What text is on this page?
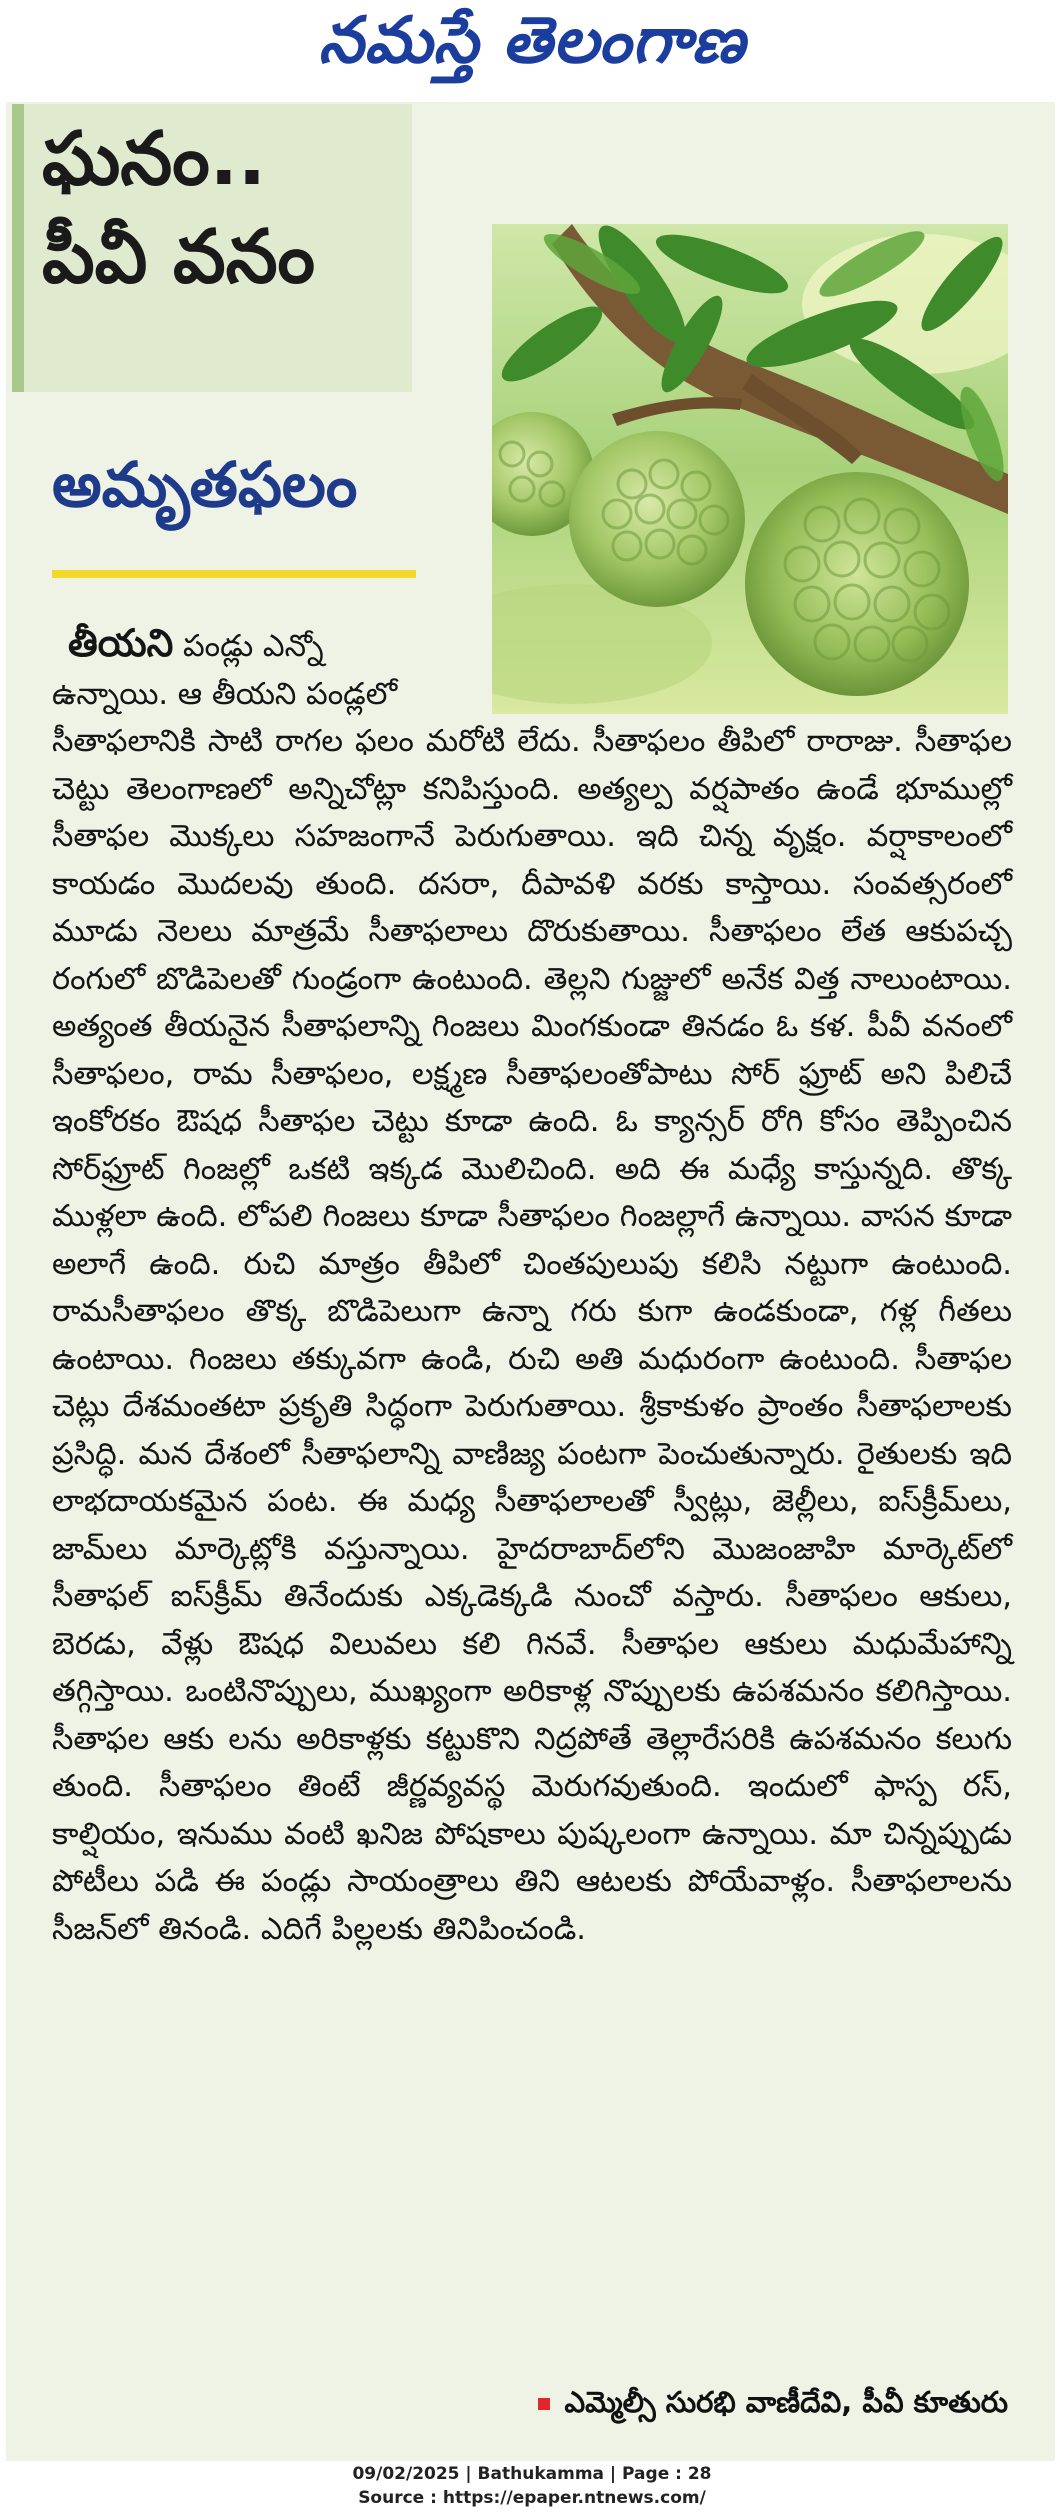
నమస్తే తెలంగాణ
ఘనం..
పీవీ వనం
అమృతఫలం
తీయని పండ్లు ఎన్నో
ఉన్నాయి. ఆ తీయని పండ్లలో
సీతాఫలానికి సాటి రాగల ఫలం మరోటి లేదు. సీతాఫలం తీపిలో రారాజు. సీతాఫల చెట్టు తెలంగాణలో అన్నిచోట్లా కనిపిస్తుంది. అత్యల్ప వర్షపాతం ఉండే భూముల్లో సీతాఫల మొక్కలు సహజంగానే పెరుగుతాయి. ఇది చిన్న వృక్షం. వర్షాకాలంలో కాయడం మొదలవు తుంది. దసరా, దీపావళి వరకు కాస్తాయి. సంవత్సరంలో మూడు నెలలు మాత్రమే సీతాఫలాలు దొరుకుతాయి. సీతాఫలం లేత ఆకుపచ్చ రంగులో బొడిపెలతో గుండ్రంగా ఉంటుంది. తెల్లని గుజ్జులో అనేక విత్త నాలుంటాయి. అత్యంత తీయనైన సీతాఫలాన్ని గింజలు మింగకుండా తినడం ఓ కళ. పీవీ వనంలో సీతాఫలం, రామ సీతాఫలం, లక్ష్మణ సీతాఫలంతోపాటు సోర్ ఫ్రూట్ అని పిలిచే ఇంకోరకం ఔషధ సీతాఫల చెట్టు కూడా ఉంది. ఓ క్యాన్సర్ రోగి కోసం తెప్పించిన సోర్‌ఫ్రూట్ గింజల్లో ఒకటి ఇక్కడ మొలిచింది. అది ఈ మధ్యే కాస్తున్నది. తొక్క ముళ్లలా ఉంది. లోపలి గింజలు కూడా సీతాఫలం గింజల్లాగే ఉన్నాయి. వాసన కూడా అలాగే ఉంది. రుచి మాత్రం తీపిలో చింతపులుపు కలిసి నట్టుగా ఉంటుంది. రామసీతాఫలం తొక్క బొడిపెలుగా ఉన్నా గరు కుగా ఉండకుండా, గళ్ల గీతలు ఉంటాయి. గింజలు తక్కువగా ఉండి, రుచి అతి మధురంగా ఉంటుంది. సీతాఫల చెట్లు దేశమంతటా ప్రకృతి సిద్ధంగా పెరుగుతాయి. శ్రీకాకుళం ప్రాంతం సీతాఫలాలకు ప్రసిద్ధి. మన దేశంలో సీతాఫలాన్ని వాణిజ్య పంటగా పెంచుతున్నారు. రైతులకు ఇది లాభదాయకమైన పంట. ఈ మధ్య సీతాఫలాలతో స్వీట్లు, జెల్లీలు, ఐస్‌క్రీమ్‌లు, జామ్‌లు మార్కెట్లోకి వస్తున్నాయి. హైదరాబాద్‌లోని మొజంజాహి మార్కెట్‌లో సీతాఫల్ ఐస్‌క్రీమ్ తినేందుకు ఎక్కడెక్కడి నుంచో వస్తారు. సీతాఫలం ఆకులు, బెరడు, వేళ్లు ఔషధ విలువలు కలి గినవే. సీతాఫల ఆకులు మధుమేహాన్ని తగ్గిస్తాయి. ఒంటినొప్పులు, ముఖ్యంగా అరికాళ్ల నొప్పులకు ఉపశమనం కలిగిస్తాయి. సీతాఫల ఆకు లను అరికాళ్లకు కట్టుకొని నిద్రపోతే తెల్లారేసరికి ఉపశమనం కలుగు తుంది. సీతాఫలం తింటే జీర్ణవ్యవస్థ మెరుగవుతుంది. ఇందులో ఫాస్ప రస్, కాల్షియం, ఇనుము వంటి ఖనిజ పోషకాలు పుష్కలంగా ఉన్నాయి. మా చిన్నప్పుడు పోటీలు పడి ఈ పండ్లు సాయంత్రాలు తిని ఆటలకు పోయేవాళ్లం. సీతాఫలాలను సీజన్‌లో తినండి. ఎదిగే పిల్లలకు తినిపించండి.
ఎమ్మెల్సీ సురభి వాణీదేవి, పీవీ కూతురు
09/02/2025 | Bathukamma | Page : 28
Source : https://epaper.ntnews.com/
